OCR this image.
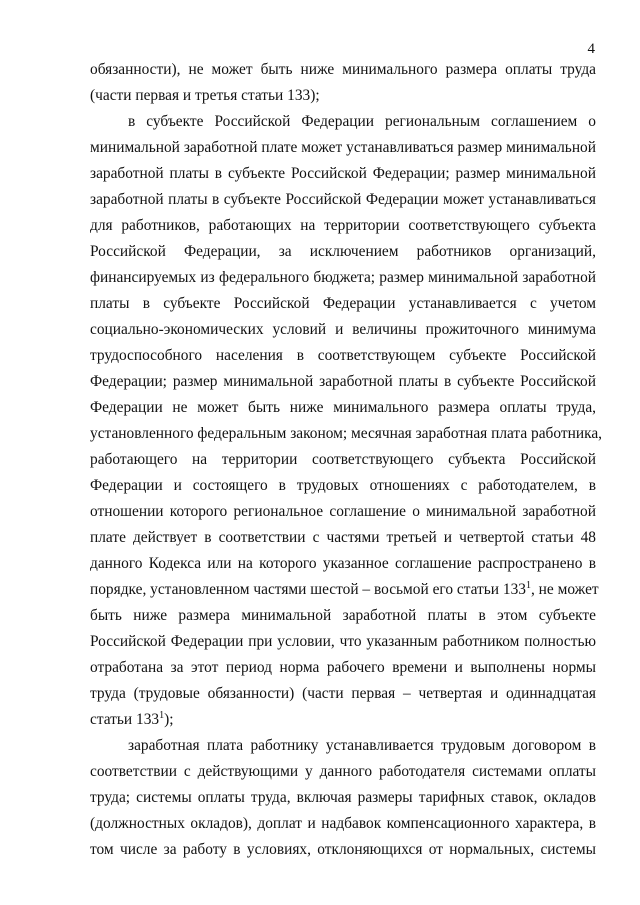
4
обязанности), не может быть ниже минимального размера оплаты труда
(части первая и третья статьи 133);
в субъекте Российской Федерации региональным соглашением о
минимальной заработной плате может устанавливаться размер минимальной
заработной платы в субъекте Российской Федерации; размер минимальной
заработной платы в субъекте Российской Федерации может устанавливаться
для работников, работающих на территории соответствующего субъекта
Российской Федерации, за исключением работников организаций,
финансируемых из федерального бюджета; размер минимальной заработной
платы в субъекте Российской Федерации устанавливается с учетом
социально-экономических условий и величины прожиточного минимума
трудоспособного населения в соответствующем субъекте Российской
Федерации; размер минимальной заработной платы в субъекте Российской
Федерации не может быть ниже минимального размера оплаты труда,
установленного федеральным законом; месячная заработная плата работника,
работающего на территории соответствующего субъекта Российской
Федерации и состоящего в трудовых отношениях с работодателем, в
отношении которого региональное соглашение о минимальной заработной
плате действует в соответствии с частями третьей и четвертой статьи 48
данного Кодекса или на которого указанное соглашение распространено в
порядке, установленном частями шестой – восьмой его статьи $133^1$, не может
быть ниже размера минимальной заработной платы в этом субъекте
Российской Федерации при условии, что указанным работником полностью
отработана за этот период норма рабочего времени и выполнены нормы
труда (трудовые обязанности) (части первая – четвертая и одиннадцатая
статьи $133^1$);
заработная плата работнику устанавливается трудовым договором в
соответствии с действующими у данного работодателя системами оплаты
труда; системы оплаты труда, включая размеры тарифных ставок, окладов
(должностных окладов), доплат и надбавок компенсационного характера, в
том числе за работу в условиях, отклоняющихся от нормальных, системы
